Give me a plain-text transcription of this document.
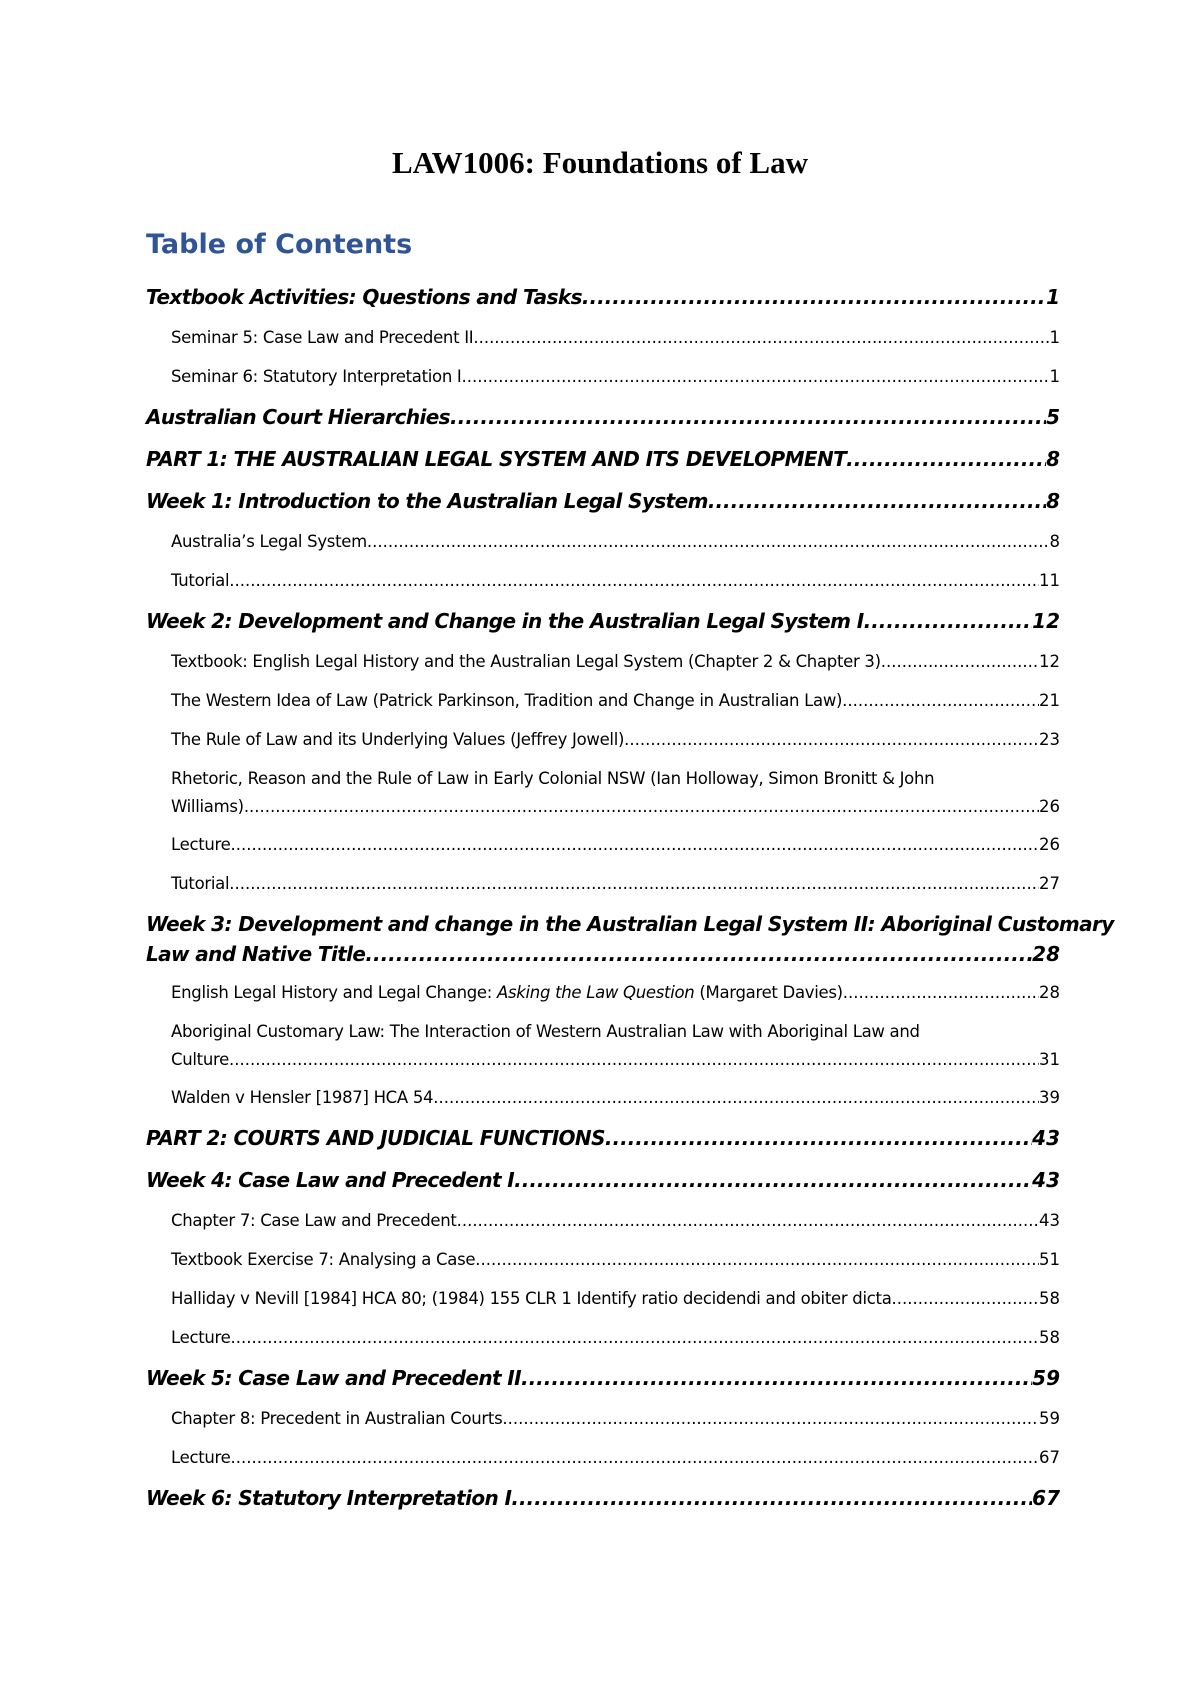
LAW1006: Foundations of Law
Table of Contents
Textbook Activities: Questions and Tasks .....	1
Seminar 5: Case Law and Precedent II .....	1
Seminar 6: Statutory Interpretation I .....	1
Australian Court Hierarchies .....	5
PART 1: THE AUSTRALIAN LEGAL SYSTEM AND ITS DEVELOPMENT .....	8
Week 1: Introduction to the Australian Legal System .....	8
Australia’s Legal System .....	8
Tutorial .....	11
Week 2: Development and Change in the Australian Legal System I .....	12
Textbook: English Legal History and the Australian Legal System (Chapter 2 & Chapter 3) .....	12
The Western Idea of Law (Patrick Parkinson, Tradition and Change in Australian Law) .....	21
The Rule of Law and its Underlying Values (Jeffrey Jowell) .....	23
Rhetoric, Reason and the Rule of Law in Early Colonial NSW (Ian Holloway, Simon Bronitt & John
Williams) .....	26
Lecture .....	26
Tutorial .....	27
Week 3: Development and change in the Australian Legal System II: Aboriginal Customary
Law and Native Title .....	28
English Legal History and Legal Change: Asking the Law Question (Margaret Davies) .....	28
Aboriginal Customary Law: The Interaction of Western Australian Law with Aboriginal Law and
Culture .....	31
Walden v Hensler [1987] HCA 54 .....	39
PART 2: COURTS AND JUDICIAL FUNCTIONS .....	43
Week 4: Case Law and Precedent I .....	43
Chapter 7: Case Law and Precedent .....	43
Textbook Exercise 7: Analysing a Case .....	51
Halliday v Nevill [1984] HCA 80; (1984) 155 CLR 1 Identify ratio decidendi and obiter dicta .....	58
Lecture .....	58
Week 5: Case Law and Precedent II .....	59
Chapter 8: Precedent in Australian Courts .....	59
Lecture .....	67
Week 6: Statutory Interpretation I .....	67
